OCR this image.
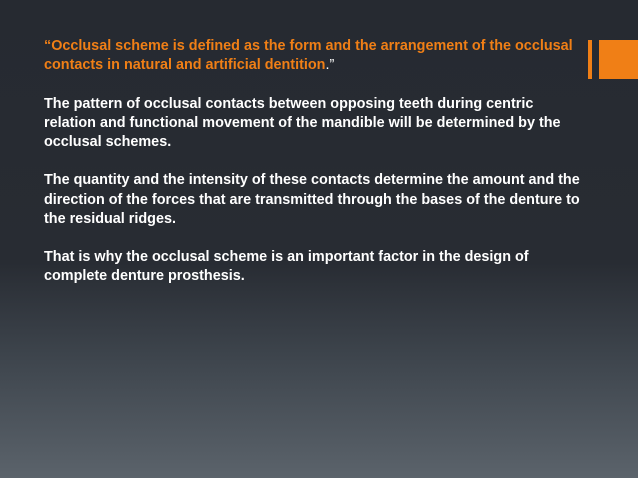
“Occlusal scheme is defined as the form and the arrangement of the occlusal contacts in natural and artificial dentition.”

The pattern of occlusal contacts between opposing teeth during centric relation and functional movement of the mandible will be determined by the occlusal schemes.

The quantity and the intensity of these contacts determine the amount and the direction of the forces that are transmitted through the bases of the denture to the residual ridges.

That is why the occlusal scheme is an important factor in the design of complete denture prosthesis.
